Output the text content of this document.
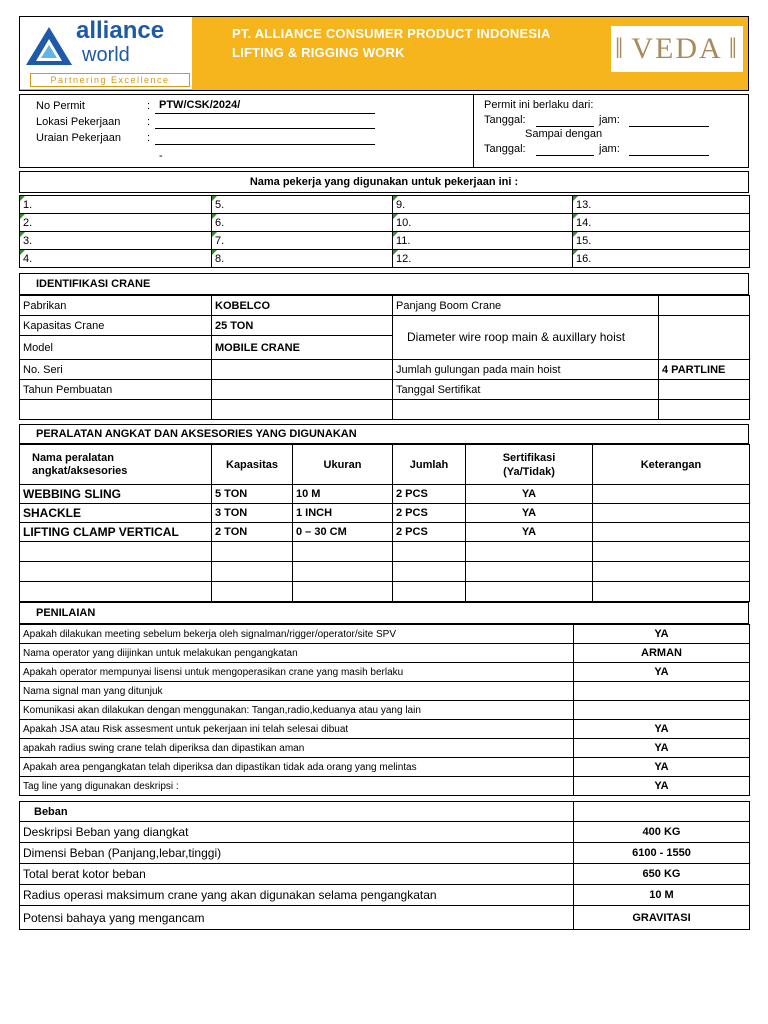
alliance
world
Partnering Excellence
PT. ALLIANCE CONSUMER PRODUCT INDONESIA
LIFTING & RIGGING WORK	‖ VEDA ‖
No Permit	: PTW/CSK/2024/
Lokasi Pekerjaan :
Uraian Pekerjaan :
-
Permit ini berlaku dari:
Tanggal:	jam:
Sampai dengan
Tanggal:	jam:
Nama pekerja yang digunakan untuk pekerjaan ini :
1.	5.	9.	13.
2.	6.	10.	14.
3.	7.	11.	15.
4.	8.	12.	16.
IDENTIFIKASI CRANE
Pabrikan	KOBELCO	Panjang Boom Crane	
Kapasitas Crane	25 TON	Diameter wire roop main & auxillary hoist	
Model	MOBILE CRANE		
No. Seri		Jumlah gulungan pada main hoist	4 PARTLINE
Tahun Pembuatan		Tanggal Sertifikat	

PERALATAN ANGKAT DAN AKSESORIES YANG DIGUNAKAN
Nama peralatan angkat/aksesories	Kapasitas	Ukuran	Jumlah	Sertifikasi (Ya/Tidak)	Keterangan
WEBBING SLING	5 TON	10 M	2 PCS	YA	
SHACKLE	3 TON	1 INCH	2 PCS	YA	
LIFTING CLAMP VERTICAL	2 TON	0 – 30 CM	2 PCS	YA	

PENILAIAN
Apakah dilakukan meeting sebelum bekerja oleh signalman/rigger/operator/site SPV	YA
Nama operator yang diijinkan untuk melakukan pengangkatan	ARMAN
Apakah operator mempunyai lisensi untuk mengoperasikan crane yang masih berlaku	YA
Nama signal man yang ditunjuk	
Komunikasi akan dilakukan dengan menggunakan: Tangan,radio,keduanya atau yang lain	
Apakah JSA atau Risk assesment untuk pekerjaan ini telah selesai dibuat	YA
apakah radius swing crane telah diperiksa dan dipastikan aman	YA
Apakah area pengangkatan telah diperiksa dan dipastikan tidak ada orang yang melintas	YA
Tag line yang digunakan deskripsi :	YA
Beban	
Deskripsi Beban yang diangkat	400 KG
Dimensi Beban (Panjang,lebar,tinggi)	6100 - 1550
Total berat kotor beban	650 KG
Radius operasi maksimum crane yang akan digunakan selama pengangkatan	10 M
Potensi bahaya yang mengancam	GRAVITASI
